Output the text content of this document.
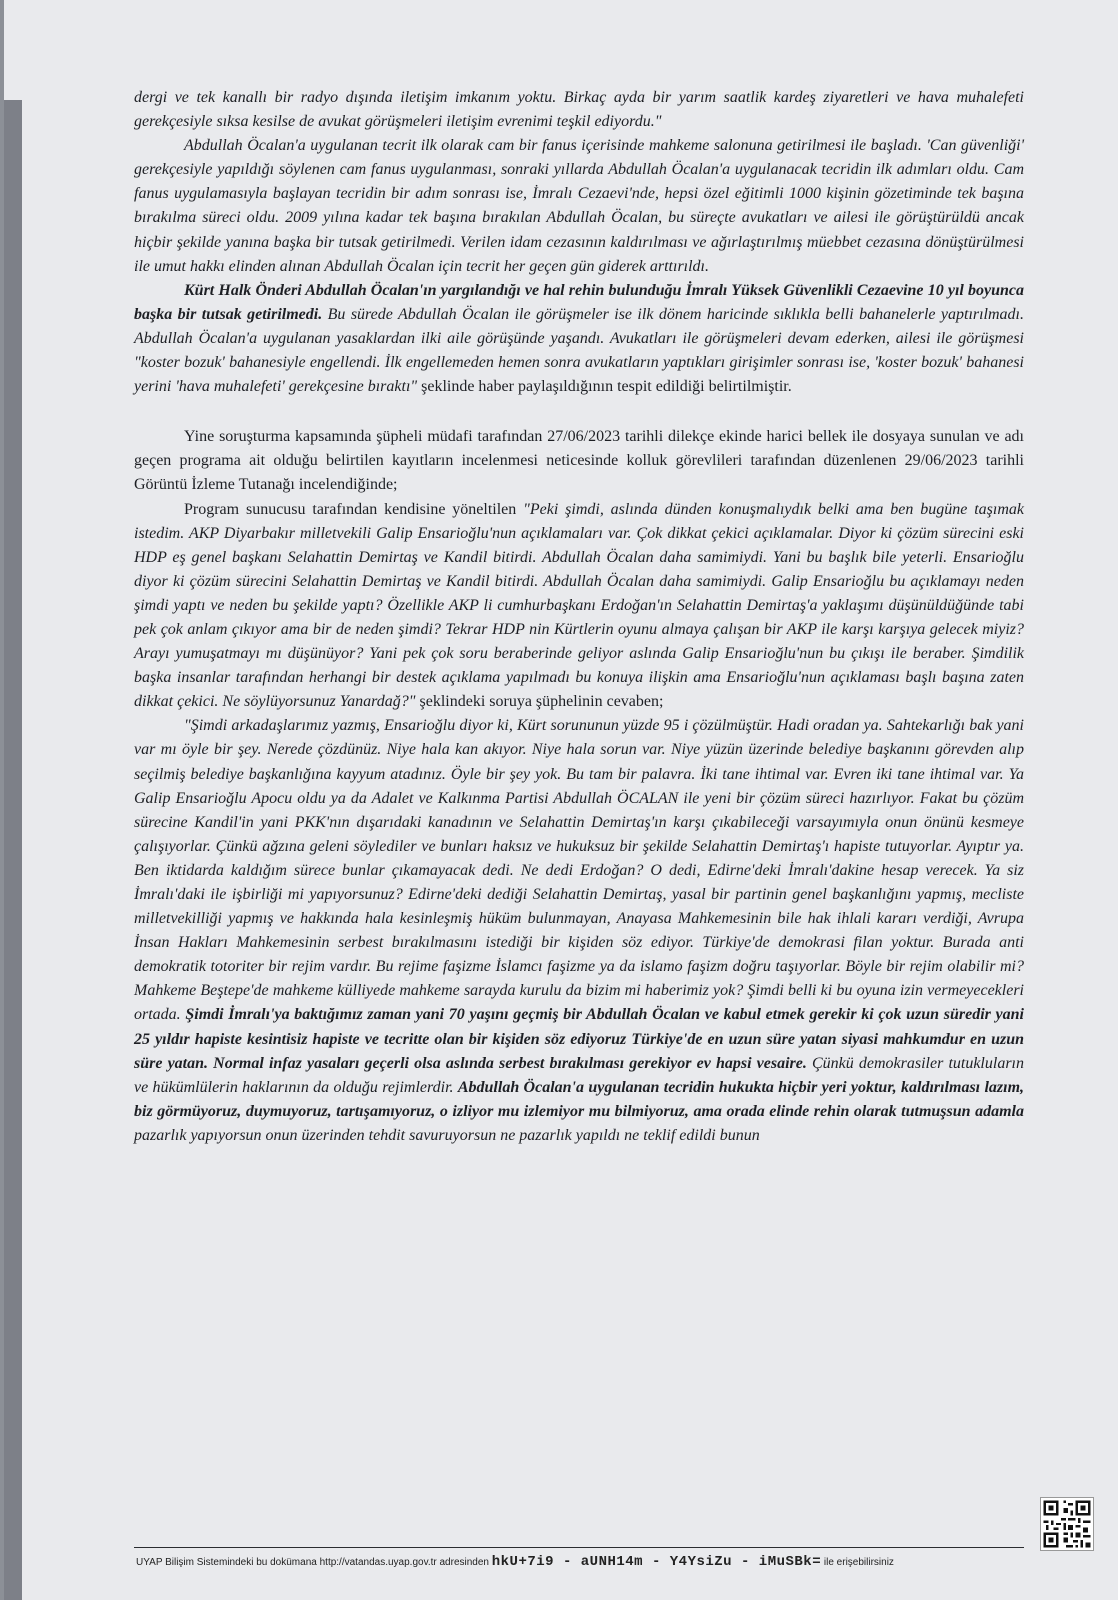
dergi ve tek kanallı bir radyo dışında iletişim imkanım yoktu. Birkaç ayda bir yarım saatlik kardeş ziyaretleri ve hava muhalefeti gerekçesiyle sıksa kesilse de avukat görüşmeleri iletişim evrenimi teşkil ediyordu."

Abdullah Öcalan'a uygulanan tecrit ilk olarak cam bir fanus içerisinde mahkeme salonuna getirilmesi ile başladı. 'Can güvenliği' gerekçesiyle yapıldığı söylenen cam fanus uygulanması, sonraki yıllarda Abdullah Öcalan'a uygulanacak tecridin ilk adımları oldu. Cam fanus uygulamasıyla başlayan tecridin bir adım sonrası ise, İmralı Cezaevi'nde, hepsi özel eğitimli 1000 kişinin gözetiminde tek başına bırakılma süreci oldu. 2009 yılına kadar tek başına bırakılan Abdullah Öcalan, bu süreçte avukatları ve ailesi ile görüştürüldü ancak hiçbir şekilde yanına başka bir tutsak getirilmedi. Verilen idam cezasının kaldırılması ve ağırlaştırılmış müebbet cezasına dönüştürülmesi ile umut hakkı elinden alınan Abdullah Öcalan için tecrit her geçen gün giderek arttırıldı.

Kürt Halk Önderi Abdullah Öcalan'ın yargılandığı ve hal rehin bulunduğu İmralı Yüksek Güvenlikli Cezaevine 10 yıl boyunca başka bir tutsak getirilmedi. Bu sürede Abdullah Öcalan ile görüşmeler ise ilk dönem haricinde sıklıkla belli bahanelerle yaptırılmadı. Abdullah Öcalan'a uygulanan yasaklardan ilki aile görüşünde yaşandı. Avukatları ile görüşmeleri devam ederken, ailesi ile görüşmesi "koster bozuk' bahanesiyle engellendi. İlk engellemeden hemen sonra avukatların yaptıkları girişimler sonrası ise, 'koster bozuk' bahanesi yerini 'hava muhalefeti' gerekçesine bıraktı" şeklinde haber paylaşıldığının tespit edildiği belirtilmiştir.

Yine soruşturma kapsamında şüpheli müdafi tarafından 27/06/2023 tarihli dilekçe ekinde harici bellek ile dosyaya sunulan ve adı geçen programa ait olduğu belirtilen kayıtların incelenmesi neticesinde kolluk görevlileri tarafından düzenlenen 29/06/2023 tarihli Görüntü İzleme Tutanağı incelendiğinde;

Program sunucusu tarafından kendisine yöneltilen "Peki şimdi, aslında dünden konuşmalıydık belki ama ben bugüne taşımak istedim. AKP Diyarbakır milletvekili Galip Ensarioğlu'nun açıklamaları var. Çok dikkat çekici açıklamalar. Diyor ki çözüm sürecini eski HDP eş genel başkanı Selahattin Demirtaş ve Kandil bitirdi. Abdullah Öcalan daha samimiydi. Yani bu başlık bile yeterli. Ensarioğlu diyor ki çözüm sürecini Selahattin Demirtaş ve Kandil bitirdi. Abdullah Öcalan daha samimiydi. Galip Ensarioğlu bu açıklamayı neden şimdi yaptı ve neden bu şekilde yaptı? Özellikle AKP li cumhurbaşkanı Erdoğan'ın Selahattin Demirtaş'a yaklaşımı düşünüldüğünde tabi pek çok anlam çıkıyor ama bir de neden şimdi? Tekrar HDP nin Kürtlerin oyunu almaya çalışan bir AKP ile karşı karşıya gelecek miyiz? Arayı yumuşatmayı mı düşünüyor? Yani pek çok soru beraberinde geliyor aslında Galip Ensarioğlu'nun bu çıkışı ile beraber. Şimdilik başka insanlar tarafından herhangi bir destek açıklama yapılmadı bu konuya ilişkin ama Ensarioğlu'nun açıklaması başlı başına zaten dikkat çekici. Ne söylüyorsunuz Yanardağ?" şeklindeki soruya şüphelinin cevaben;

"Şimdi arkadaşlarımız yazmış, Ensarioğlu diyor ki, Kürt sorununun yüzde 95 i çözülmüştür. Hadi oradan ya. Sahtekarlığı bak yani var mı öyle bir şey. Nerede çözdünüz. Niye hala kan akıyor. Niye hala sorun var. Niye yüzün üzerinde belediye başkanını görevden alıp seçilmiş belediye başkanlığına kayyum atadınız. Öyle bir şey yok. Bu tam bir palavra. İki tane ihtimal var. Evren iki tane ihtimal var. Ya Galip Ensarioğlu Apocu oldu ya da Adalet ve Kalkınma Partisi Abdullah ÖCALAN ile yeni bir çözüm süreci hazırlıyor. Fakat bu çözüm sürecine Kandil'in yani PKK'nın dışarıdaki kanadının ve Selahattin Demirtaş'ın karşı çıkabileceği varsayımıyla onun önünü kesmeye çalışıyorlar. Çünkü ağzına geleni söylediler ve bunları haksız ve hukuksuz bir şekilde Selahattin Demirtaş'ı hapiste tutuyorlar. Ayıptır ya. Ben iktidarda kaldığım sürece bunlar çıkamayacak dedi. Ne dedi Erdoğan? O dedi, Edirne'deki İmralı'dakine hesap verecek. Ya siz İmralı'daki ile işbirliği mi yapıyorsunuz? Edirne'deki dediği Selahattin Demirtaş, yasal bir partinin genel başkanlığını yapmış, mecliste milletvekilliği yapmış ve hakkında hala kesinleşmiş hüküm bulunmayan, Anayasa Mahkemesinin bile hak ihlali kararı verdiği, Avrupa İnsan Hakları Mahkemesinin serbest bırakılmasını istediği bir kişiden söz ediyor. Türkiye'de demokrasi filan yoktur. Burada anti demokratik totoriter bir rejim vardır. Bu rejime faşizme İslamcı faşizme ya da islamo faşizm doğru taşıyorlar. Böyle bir rejim olabilir mi? Mahkeme Beştepe'de mahkeme külliyede mahkeme sarayda kurulu da bizim mi haberimiz yok? Şimdi belli ki bu oyuna izin vermeyecekleri ortada. Şimdi İmralı'ya baktığımız zaman yani 70 yaşını geçmiş bir Abdullah Öcalan ve kabul etmek gerekir ki çok uzun süredir yani 25 yıldır hapiste kesintisiz hapiste ve tecritte olan bir kişiden söz ediyoruz Türkiye'de en uzun süre yatan siyasi mahkumdur en uzun süre yatan. Normal infaz yasaları geçerli olsa aslında serbest bırakılması gerekiyor ev hapsi vesaire. Çünkü demokrasiler tutukluların ve hükümlülerin haklarının da olduğu rejimlerdir. Abdullah Öcalan'a uygulanan tecridin hukukta hiçbir yeri yoktur, kaldırılması lazım, biz görmüyoruz, duymuyoruz, tartışamıyoruz, o izliyor mu izlemiyor mu bilmiyoruz, ama orada elinde rehin olarak tutmuşsun adamla pazarlık yapıyorsun onun üzerinden tehdit savuruyorsun ne pazarlık yapıldı ne teklif edildi bunun

UYAP Bilişim Sistemindeki bu dokümana http://vatandas.uyap.gov.tr adresinden hkU+7i9 - aUNH14m - Y4YsiZu - iMuSBk= ile erişebilirsiniz
